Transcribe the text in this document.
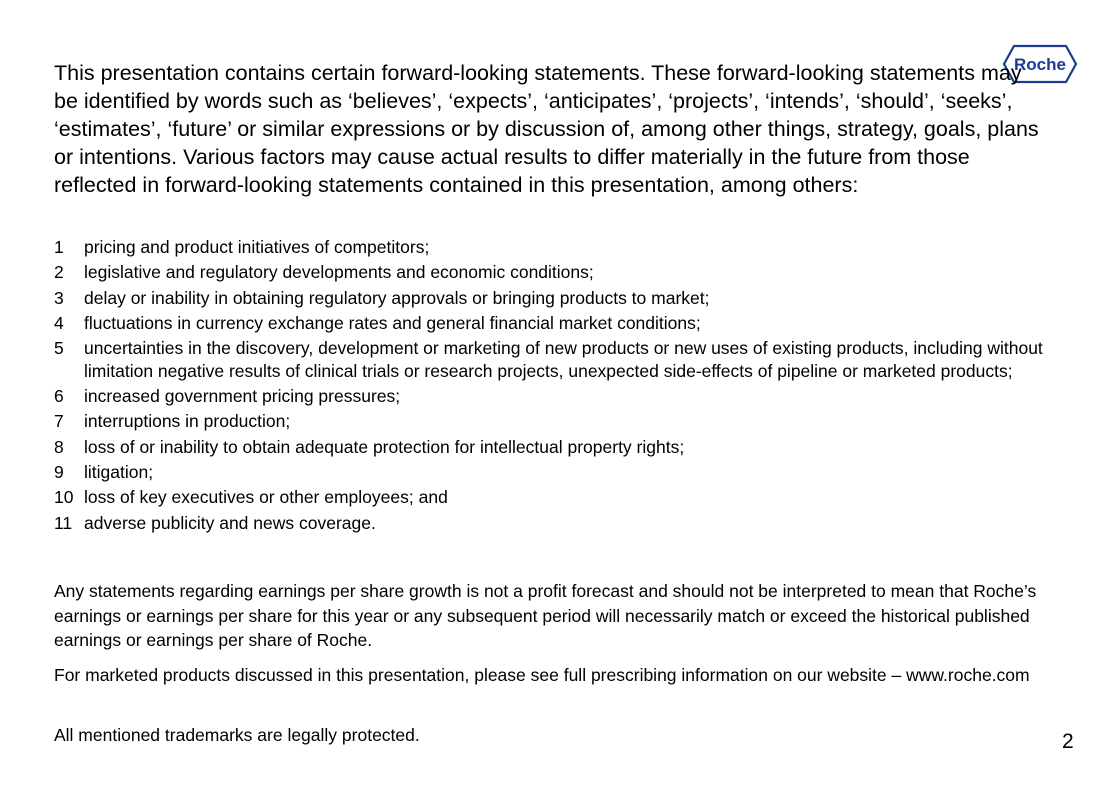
Roche
This presentation contains certain forward-looking statements. These forward-looking statements may be identified by words such as ‘believes’, ‘expects’, ‘anticipates’, ‘projects’, ‘intends’, ‘should’, ‘seeks’, ‘estimates’, ‘future’ or similar expressions or by discussion of, among other things, strategy, goals, plans or intentions. Various factors may cause actual results to differ materially in the future from those reflected in forward-looking statements contained in this presentation, among others:
1	pricing and product initiatives of competitors;
2	legislative and regulatory developments and economic conditions;
3	delay or inability in obtaining regulatory approvals or bringing products to market;
4	fluctuations in currency exchange rates and general financial market conditions;
5	uncertainties in the discovery, development or marketing of new products or new uses of existing products, including without limitation negative results of clinical trials or research projects, unexpected side-effects of pipeline or marketed products;
6	increased government pricing pressures;
7	interruptions in production;
8	loss of or inability to obtain adequate protection for intellectual property rights;
9	litigation;
10 loss of key executives or other employees; and
11 adverse publicity and news coverage.
Any statements regarding earnings per share growth is not a profit forecast and should not be interpreted to mean that Roche’s earnings or earnings per share for this year or any subsequent period will necessarily match or exceed the historical published earnings or earnings per share of Roche.
For marketed products discussed in this presentation, please see full prescribing information on our website – www.roche.com
All mentioned trademarks are legally protected.	2
